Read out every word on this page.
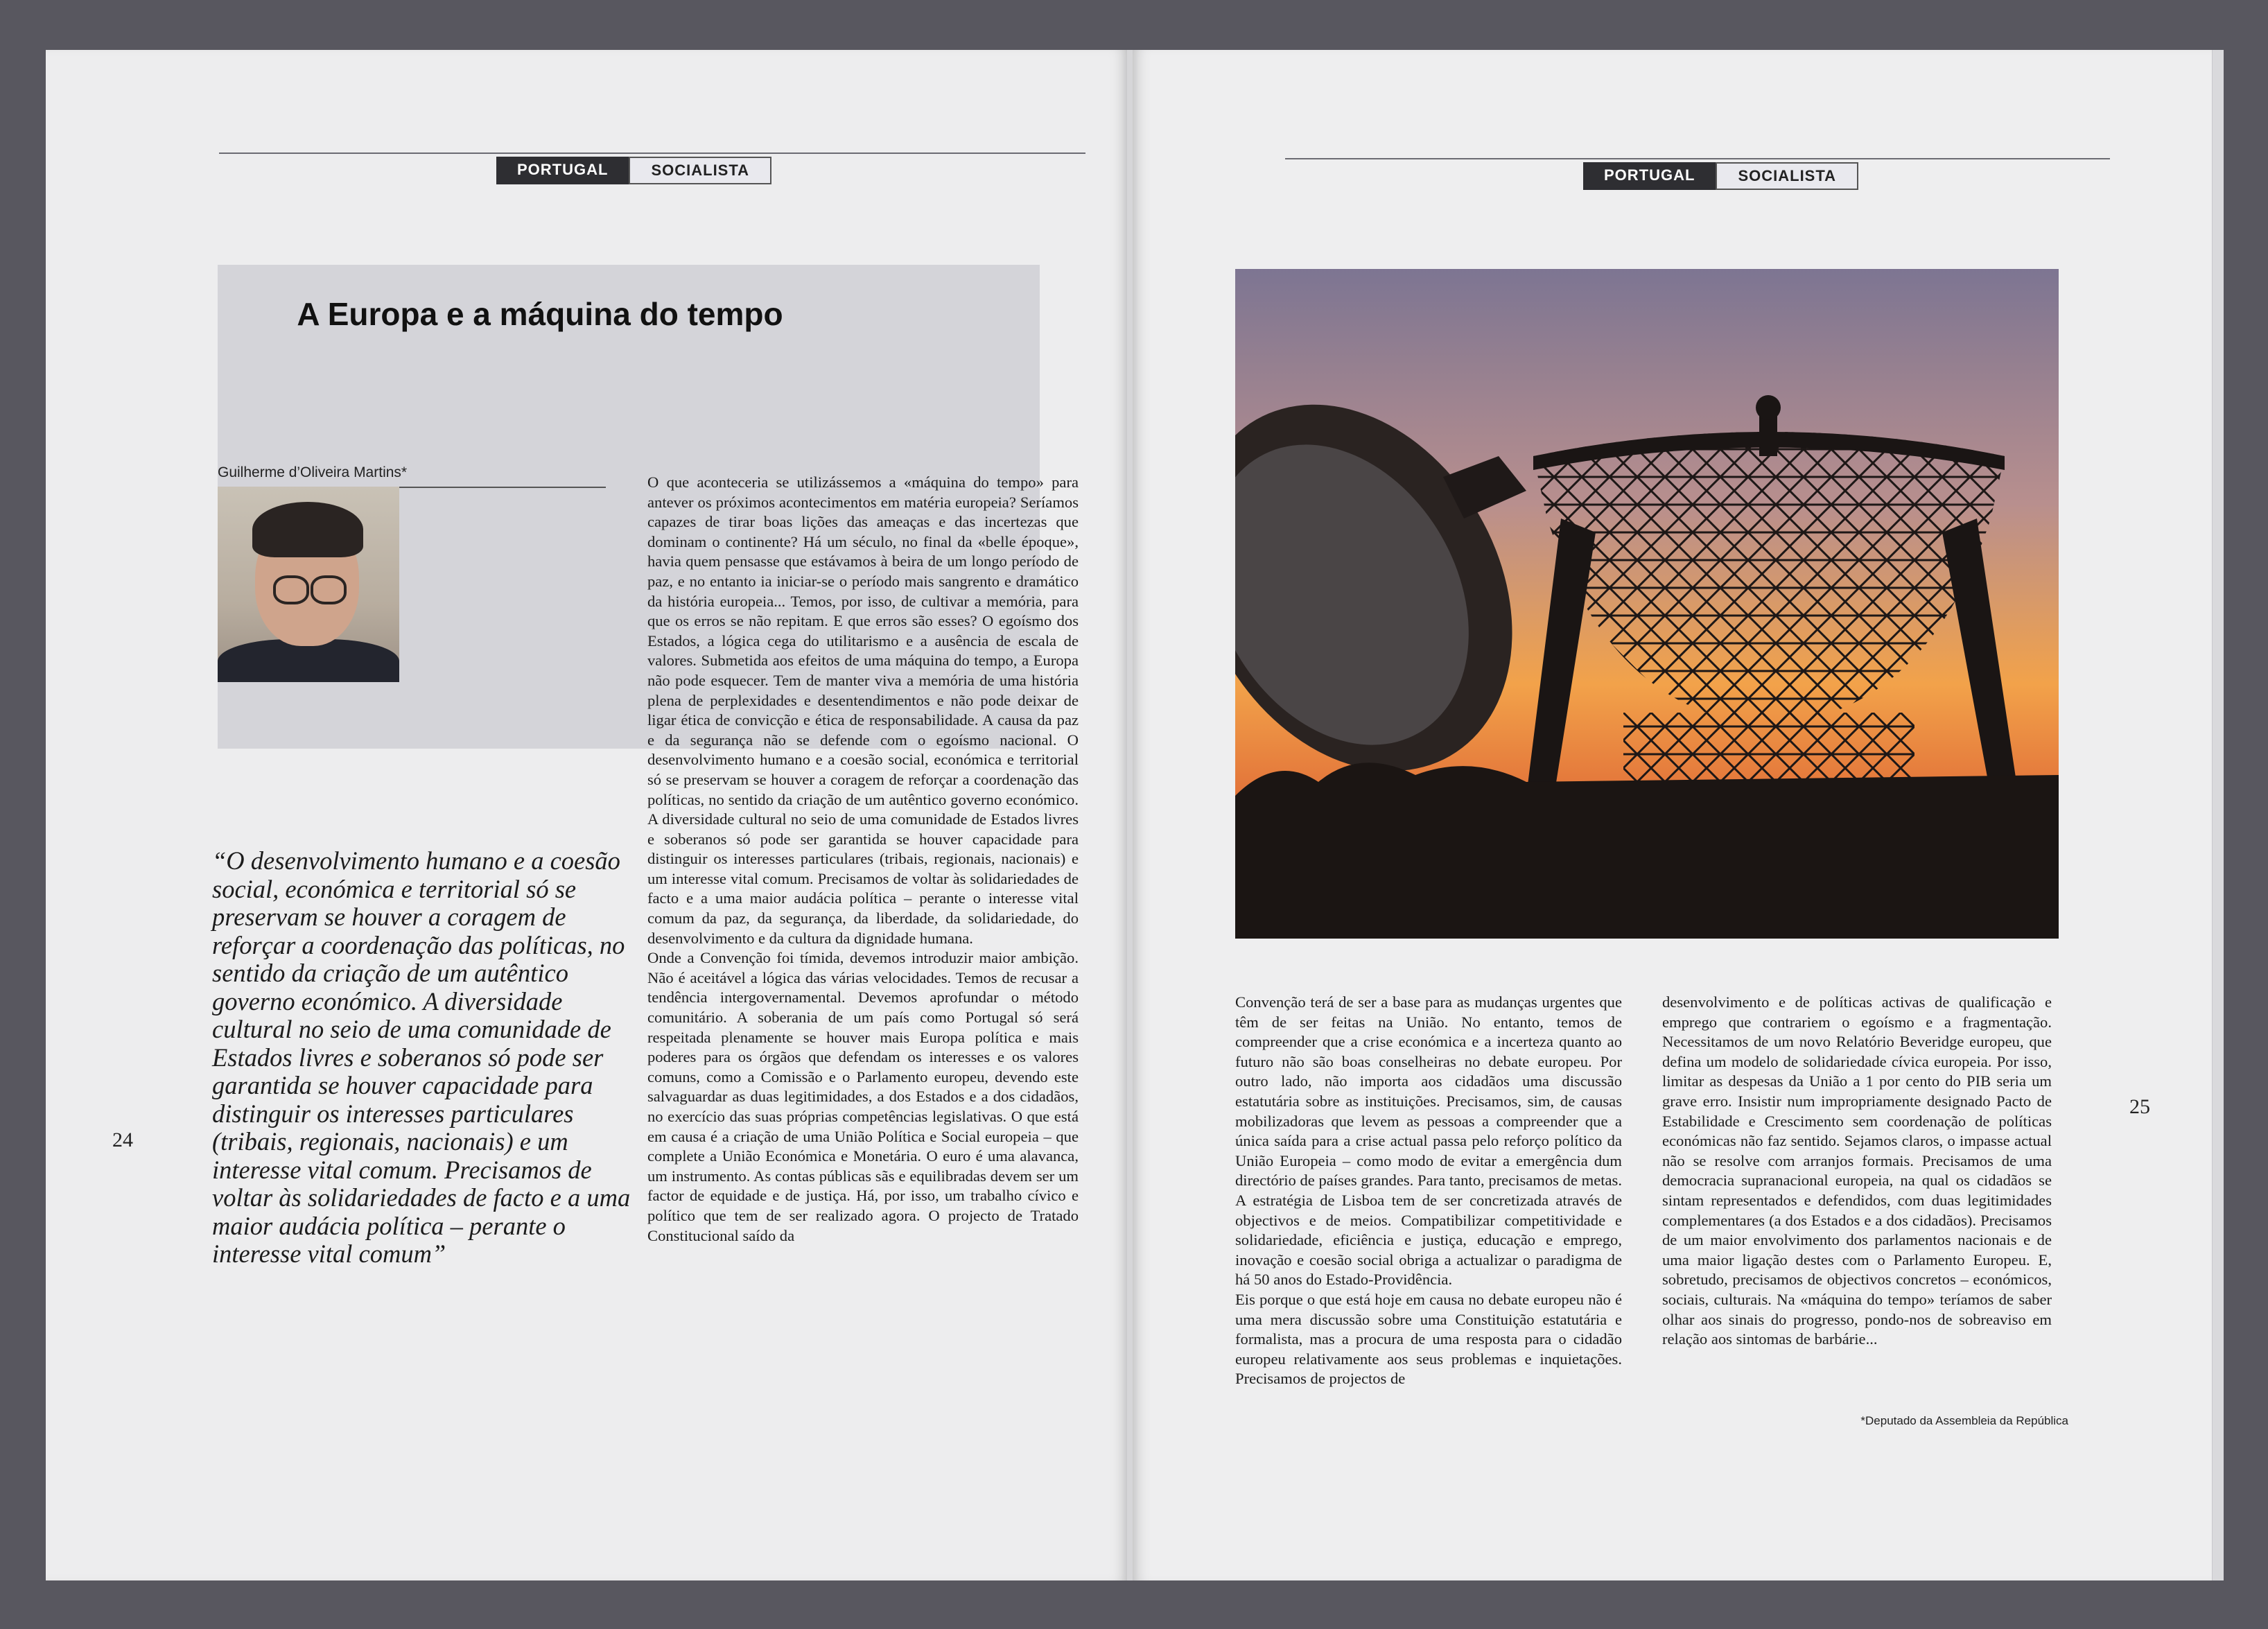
PORTUGAL	SOCIALISTA
A Europa e a máquina do tempo
Guilherme d’Oliveira Martins*
“O desenvolvimento humano e a coesão social, económica e territorial só se preservam se houver a coragem de reforçar a coordenação das políticas, no sentido da criação de um autêntico governo económico. A diversidade cultural no seio de uma comunidade de Estados livres e soberanos só pode ser garantida se houver capacidade para distinguir os interesses particulares (tribais, regionais, nacionais) e um interesse vital comum. Precisamos de voltar às solidariedades de facto e a uma maior audácia política – perante o interesse vital comum”
24

O que aconteceria se utilizássemos a «máquina do tempo» para antever os próximos acontecimentos em matéria europeia? Seríamos capazes de tirar boas lições das ameaças e das incertezas que dominam o continente? Há um século, no final da «belle époque», havia quem pensasse que estávamos à beira de um longo período de paz, e no entanto ia iniciar-se o período mais sangrento e dramático da história europeia... Temos, por isso, de cultivar a memória, para que os erros se não repitam. E que erros são esses? O egoísmo dos Estados, a lógica cega do utilitarismo e a ausência de escala de valores. Submetida aos efeitos de uma máquina do tempo, a Europa não pode esquecer. Tem de manter viva a memória de uma história plena de perplexidades e desentendimentos e não pode deixar de ligar ética de convicção e ética de responsabilidade. A causa da paz e da segurança não se defende com o egoísmo nacional. O desenvolvimento humano e a coesão social, económica e territorial só se preservam se houver a coragem de reforçar a coordenação das políticas, no sentido da criação de um autêntico governo económico. A diversidade cultural no seio de uma comunidade de Estados livres e soberanos só pode ser garantida se houver capacidade para distinguir os interesses particulares (tribais, regionais, nacionais) e um interesse vital comum. Precisamos de voltar às solidariedades de facto e a uma maior audácia política – perante o interesse vital comum da paz, da segurança, da liberdade, da solidariedade, do desenvolvimento e da cultura da dignidade humana.

Onde a Convenção foi tímida, devemos introduzir maior ambição. Não é aceitável a lógica das várias velocidades. Temos de recusar a tendência intergovernamental. Devemos aprofundar o método comunitário. A soberania de um país como Portugal só será respeitada plenamente se houver mais Europa política e mais poderes para os órgãos que defendam os interesses e os valores comuns, como a Comissão e o Parlamento europeu, devendo este salvaguardar as duas legitimidades, a dos Estados e a dos cidadãos, no exercício das suas próprias competências legislativas. O que está em causa é a criação de uma União Política e Social europeia – que complete a União Económica e Monetária. O euro é uma alavanca, um instrumento. As contas públicas sãs e equilibradas devem ser um factor de equidade e de justiça. Há, por isso, um trabalho cívico e político que tem de ser realizado agora. O projecto de Tratado Constitucional saído da

PORTUGAL	SOCIALISTA
25

Convenção terá de ser a base para as mudanças urgentes que têm de ser feitas na União. No entanto, temos de compreender que a crise económica e a incerteza quanto ao futuro não são boas conselheiras no debate europeu. Por outro lado, não importa aos cidadãos uma discussão estatutária sobre as instituições. Precisamos, sim, de causas mobilizadoras que levem as pessoas a compreender que a única saída para a crise actual passa pelo reforço político da União Europeia – como modo de evitar a emergência dum directório de países grandes. Para tanto, precisamos de metas. A estratégia de Lisboa tem de ser concretizada através de objectivos e de meios. Compatibilizar competitividade e solidariedade, eficiência e justiça, educação e emprego, inovação e coesão social obriga a actualizar o paradigma de há 50 anos do Estado-Providência.

Eis porque o que está hoje em causa no debate europeu não é uma mera discussão sobre uma Constituição estatutária e formalista, mas a procura de uma resposta para o cidadão europeu relativamente aos seus problemas e inquietações. Precisamos de projectos de

desenvolvimento e de políticas activas de qualificação e emprego que contrariem o egoísmo e a fragmentação. Necessitamos de um novo Relatório Beveridge europeu, que defina um modelo de solidariedade cívica europeia. Por isso, limitar as despesas da União a 1 por cento do PIB seria um grave erro. Insistir num impropriamente designado Pacto de Estabilidade e Crescimento sem coordenação de políticas económicas não faz sentido. Sejamos claros, o impasse actual não se resolve com arranjos formais. Precisamos de uma democracia supranacional europeia, na qual os cidadãos se sintam representados e defendidos, com duas legitimidades complementares (a dos Estados e a dos cidadãos). Precisamos de um maior envolvimento dos parlamentos nacionais e de uma maior ligação destes com o Parlamento Europeu. E, sobretudo, precisamos de objectivos concretos – económicos, sociais, culturais. Na «máquina do tempo» teríamos de saber olhar aos sinais do progresso, pondo-nos de sobreaviso em relação aos sintomas de barbárie...

*Deputado da Assembleia da República
